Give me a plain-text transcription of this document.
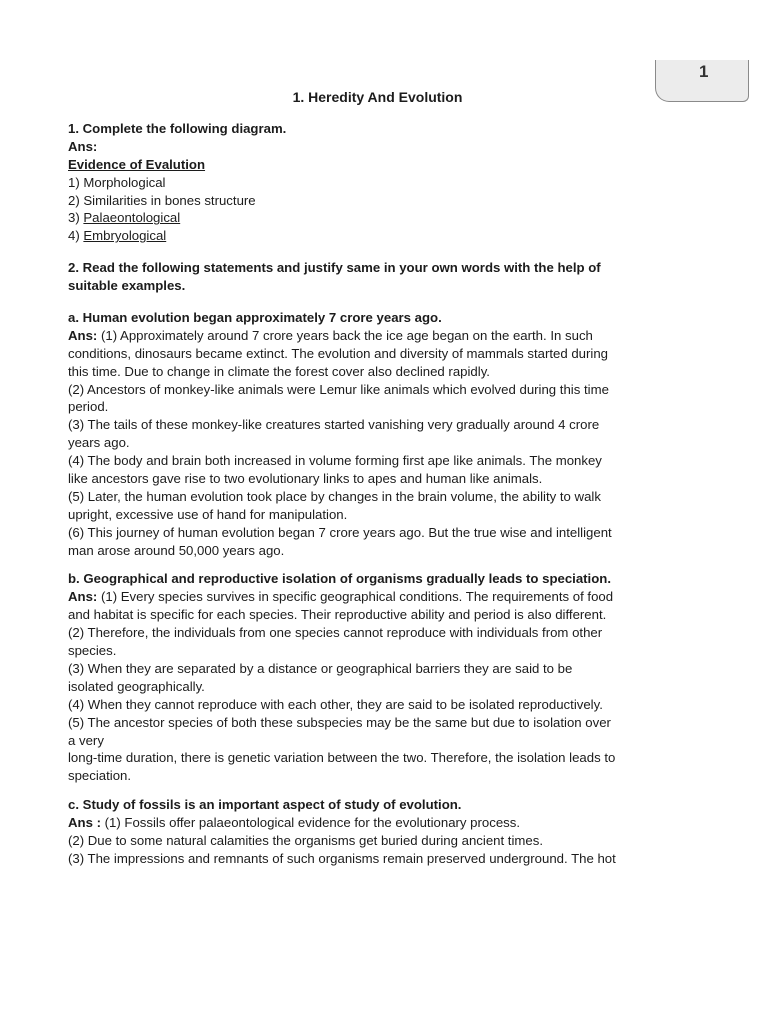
1
1. Heredity And Evolution
1. Complete the following diagram.
Ans:
Evidence of Evalution
1) Morphological
2) Similarities in bones structure
3) Palaeontological
4) Embryological
2. Read the following statements and justify same in your own words with the help of
suitable examples.
a. Human evolution began approximately 7 crore years ago.
Ans: (1) Approximately around 7 crore years back the ice age began on the earth. In such
conditions, dinosaurs became extinct. The evolution and diversity of mammals started during
this time. Due to change in climate the forest cover also declined rapidly.
(2) Ancestors of monkey-like animals were Lemur like animals which evolved during this time
period.
(3) The tails of these monkey-like creatures started vanishing very gradually around 4 crore
years ago.
(4) The body and brain both increased in volume forming first ape like animals. The monkey
like ancestors gave rise to two evolutionary links to apes and human like animals.
(5) Later, the human evolution took place by changes in the brain volume, the ability to walk
upright, excessive use of hand for manipulation.
(6) This journey of human evolution began 7 crore years ago. But the true wise and intelligent
man arose around 50,000 years ago.
b. Geographical and reproductive isolation of organisms gradually leads to speciation.
Ans: (1) Every species survives in specific geographical conditions. The requirements of food
and habitat is specific for each species. Their reproductive ability and period is also different.
(2) Therefore, the individuals from one species cannot reproduce with individuals from other
species.
(3) When they are separated by a distance or geographical barriers they are said to be
isolated geographically.
(4) When they cannot reproduce with each other, they are said to be isolated reproductively.
(5) The ancestor species of both these subspecies may be the same but due to isolation over
a very
long-time duration, there is genetic variation between the two. Therefore, the isolation leads to
speciation.
c. Study of fossils is an important aspect of study of evolution.
Ans : (1) Fossils offer palaeontological evidence for the evolutionary process.
(2) Due to some natural calamities the organisms get buried during ancient times.
(3) The impressions and remnants of such organisms remain preserved underground. The hot
